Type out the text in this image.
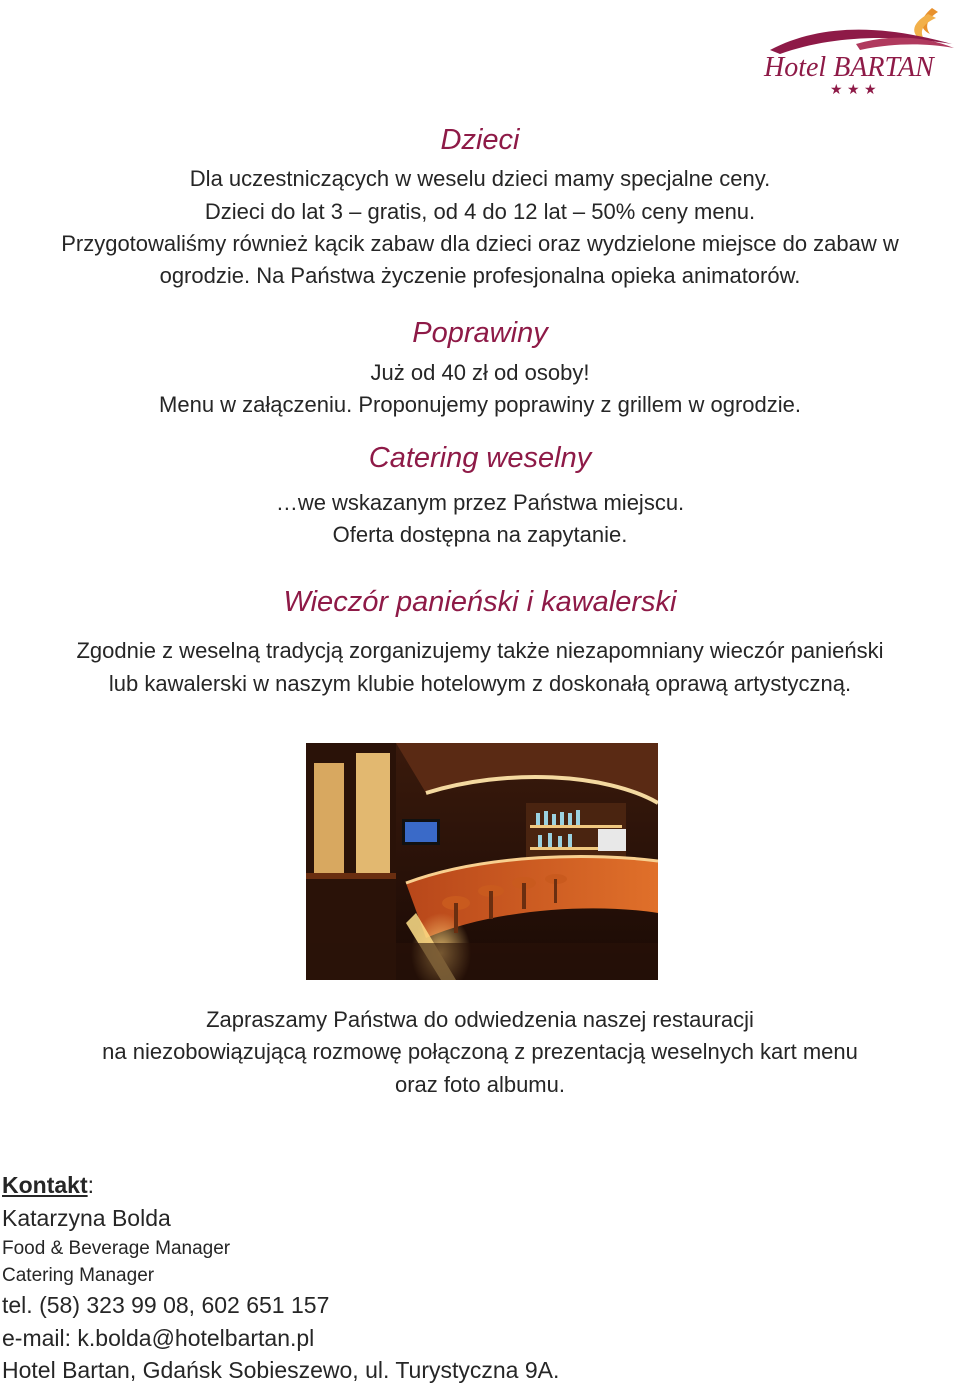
Hotel BARTAN
★ ★ ★

Dzieci

Dla uczestniczących w weselu dzieci mamy specjalne ceny.

Dzieci do lat 3 – gratis, od 4 do 12 lat – 50% ceny menu.

Przygotowaliśmy również kącik zabaw dla dzieci oraz wydzielone miejsce do zabaw w

ogrodzie. Na Państwa życzenie profesjonalna opieka animatorów.

Poprawiny

Już od 40 zł od osoby!

Menu w załączeniu. Proponujemy poprawiny z grillem w ogrodzie.

Catering weselny

…we wskazanym przez Państwa miejscu.

Oferta dostępna na zapytanie.

Wieczór panieński i kawalerski

Zgodnie z weselną tradycją zorganizujemy także niezapomniany wieczór panieński

lub kawalerski w naszym klubie hotelowym z doskonałą oprawą artystyczną.

Zapraszamy Państwa do odwiedzenia naszej restauracji

na niezobowiązującą rozmowę połączoną z prezentacją weselnych kart menu

oraz foto albumu.

Kontakt:

Katarzyna Bolda

Food & Beverage Manager

Catering Manager

tel. (58) 323 99 08, 602 651 157

e-mail: k.bolda@hotelbartan.pl

Hotel Bartan, Gdańsk Sobieszewo, ul. Turystyczna 9A.
